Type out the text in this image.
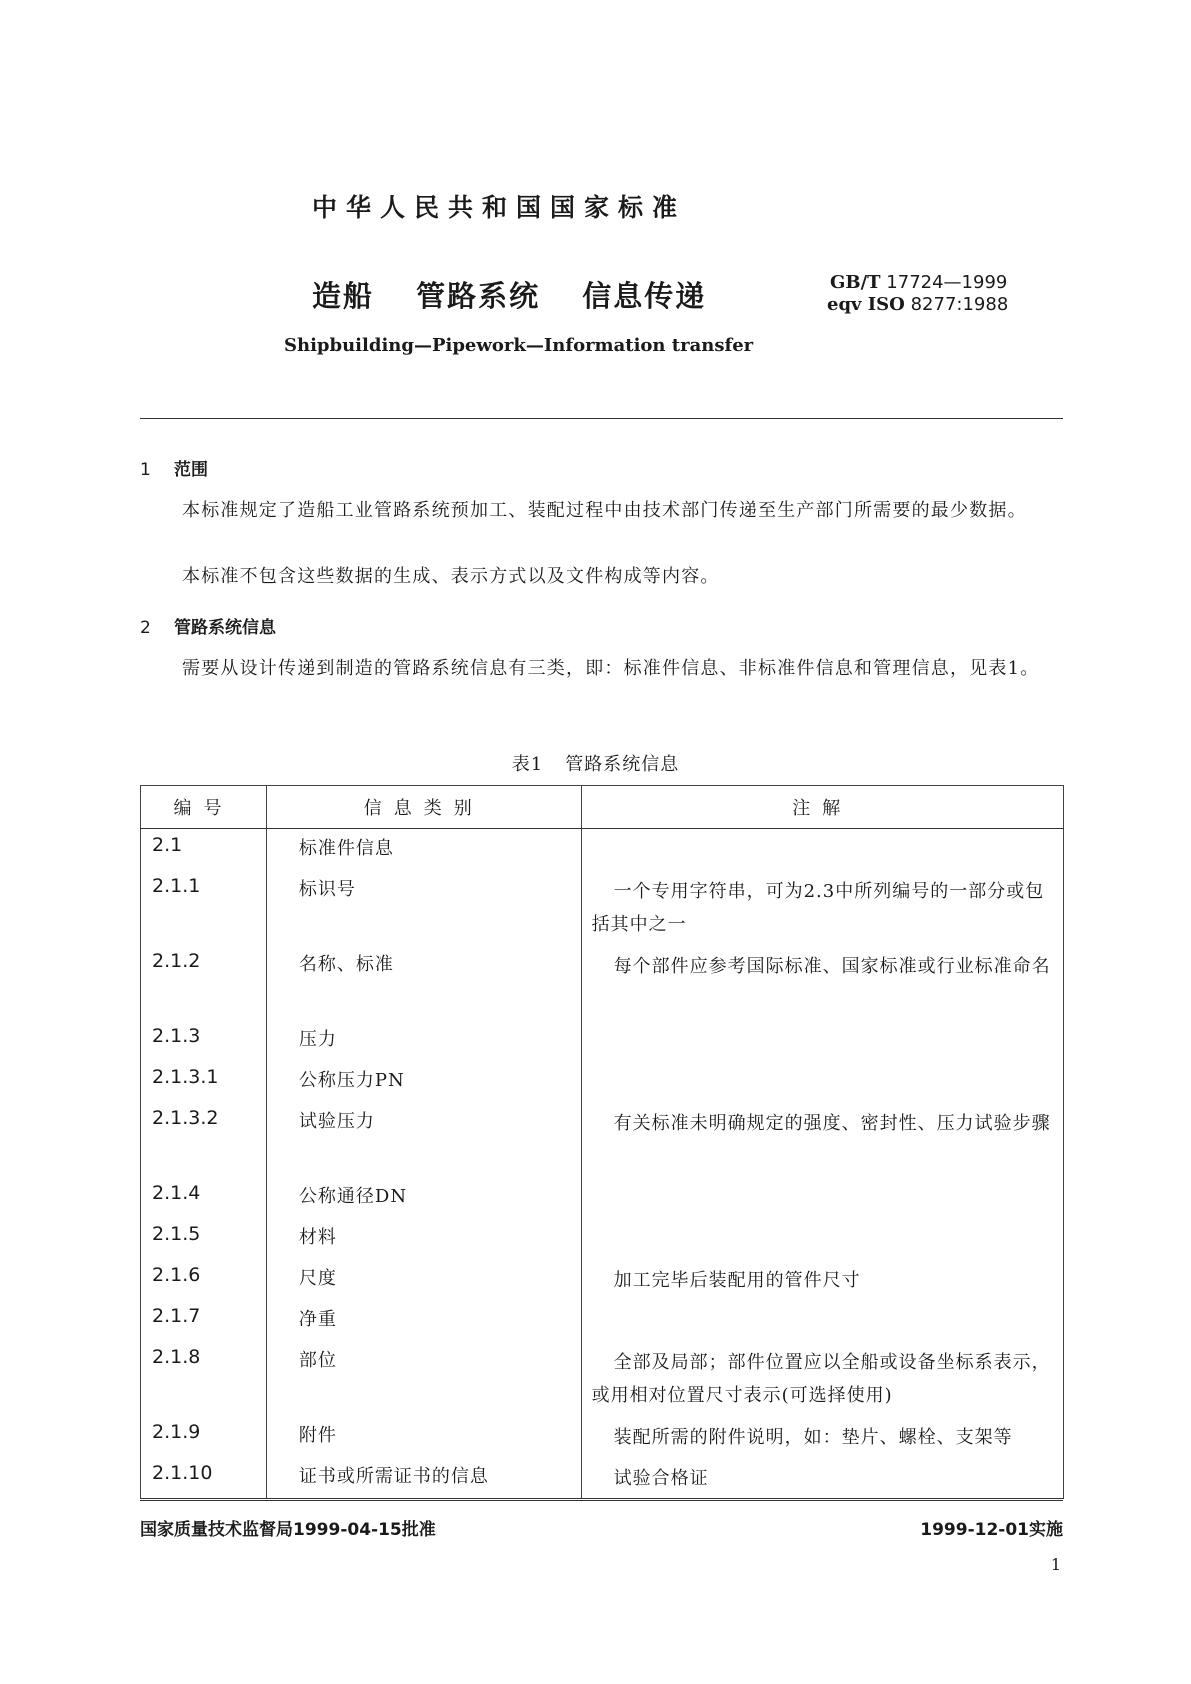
中华人民共和国国家标准
造船 管路系统 信息传递	GB/T 17724—1999
eqv ISO 8277:1988
Shipbuilding—Pipework—Information transfer
1 范围
本标准规定了造船工业管路系统预加工、装配过程中由技术部门传递至生产部门所需要的最少数据。
本标准不包含这些数据的生成、表示方式以及文件构成等内容。
2 管路系统信息
需要从设计传递到制造的管路系统信息有三类，即：标准件信息、非标准件信息和管理信息，见表1。
表1 管路系统信息
编号	信息类别	注解
2.1	标准件信息	
2.1.1	标识号	一个专用字符串，可为2.3中所列编号的一部分或包括其中之一
2.1.2	名称、标准	每个部件应参考国际标准、国家标准或行业标准命名
2.1.3	压力	
2.1.3.1	公称压力PN	
2.1.3.2	试验压力	有关标准未明确规定的强度、密封性、压力试验步骤
2.1.4	公称通径DN	
2.1.5	材料	
2.1.6	尺度	加工完毕后装配用的管件尺寸
2.1.7	净重	
2.1.8	部位	全部及局部；部件位置应以全船或设备坐标系表示，或用相对位置尺寸表示(可选择使用)
2.1.9	附件	装配所需的附件说明，如：垫片、螺栓、支架等
2.1.10	证书或所需证书的信息	试验合格证
国家质量技术监督局1999-04-15批准	1999-12-01实施
1
